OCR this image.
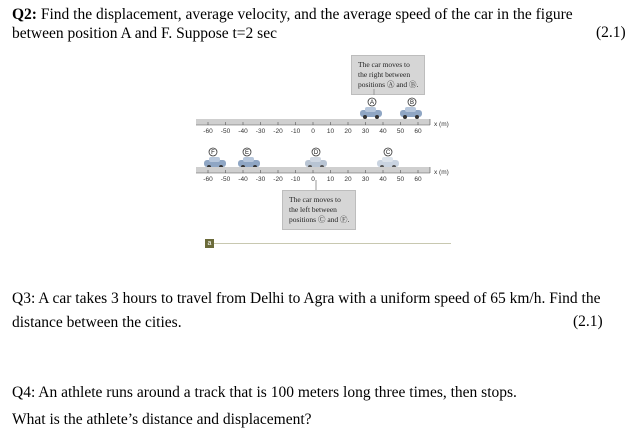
Q2: Find the displacement, average velocity, and the average speed of the car in the figure
between position A and F. Suppose t=2 sec	(2.1)
The car moves to
the right between
positions Ⓐ and Ⓑ.
The car moves to
the left between
positions Ⓒ and Ⓕ.
A	B
x (m)
-60 -50 -40 -30 -20 -10 0 10 20 30 40 50 60
F	E	D	C
x (m)
-60 -50 -40 -30 -20 -10 0 10 20 30 40 50 60
a
Q3: A car takes 3 hours to travel from Delhi to Agra with a uniform speed of 65 km/h. Find the
distance between the cities.	(2.1)
Q4: An athlete runs around a track that is 100 meters long three times, then stops.
What is the athlete’s distance and displacement?
